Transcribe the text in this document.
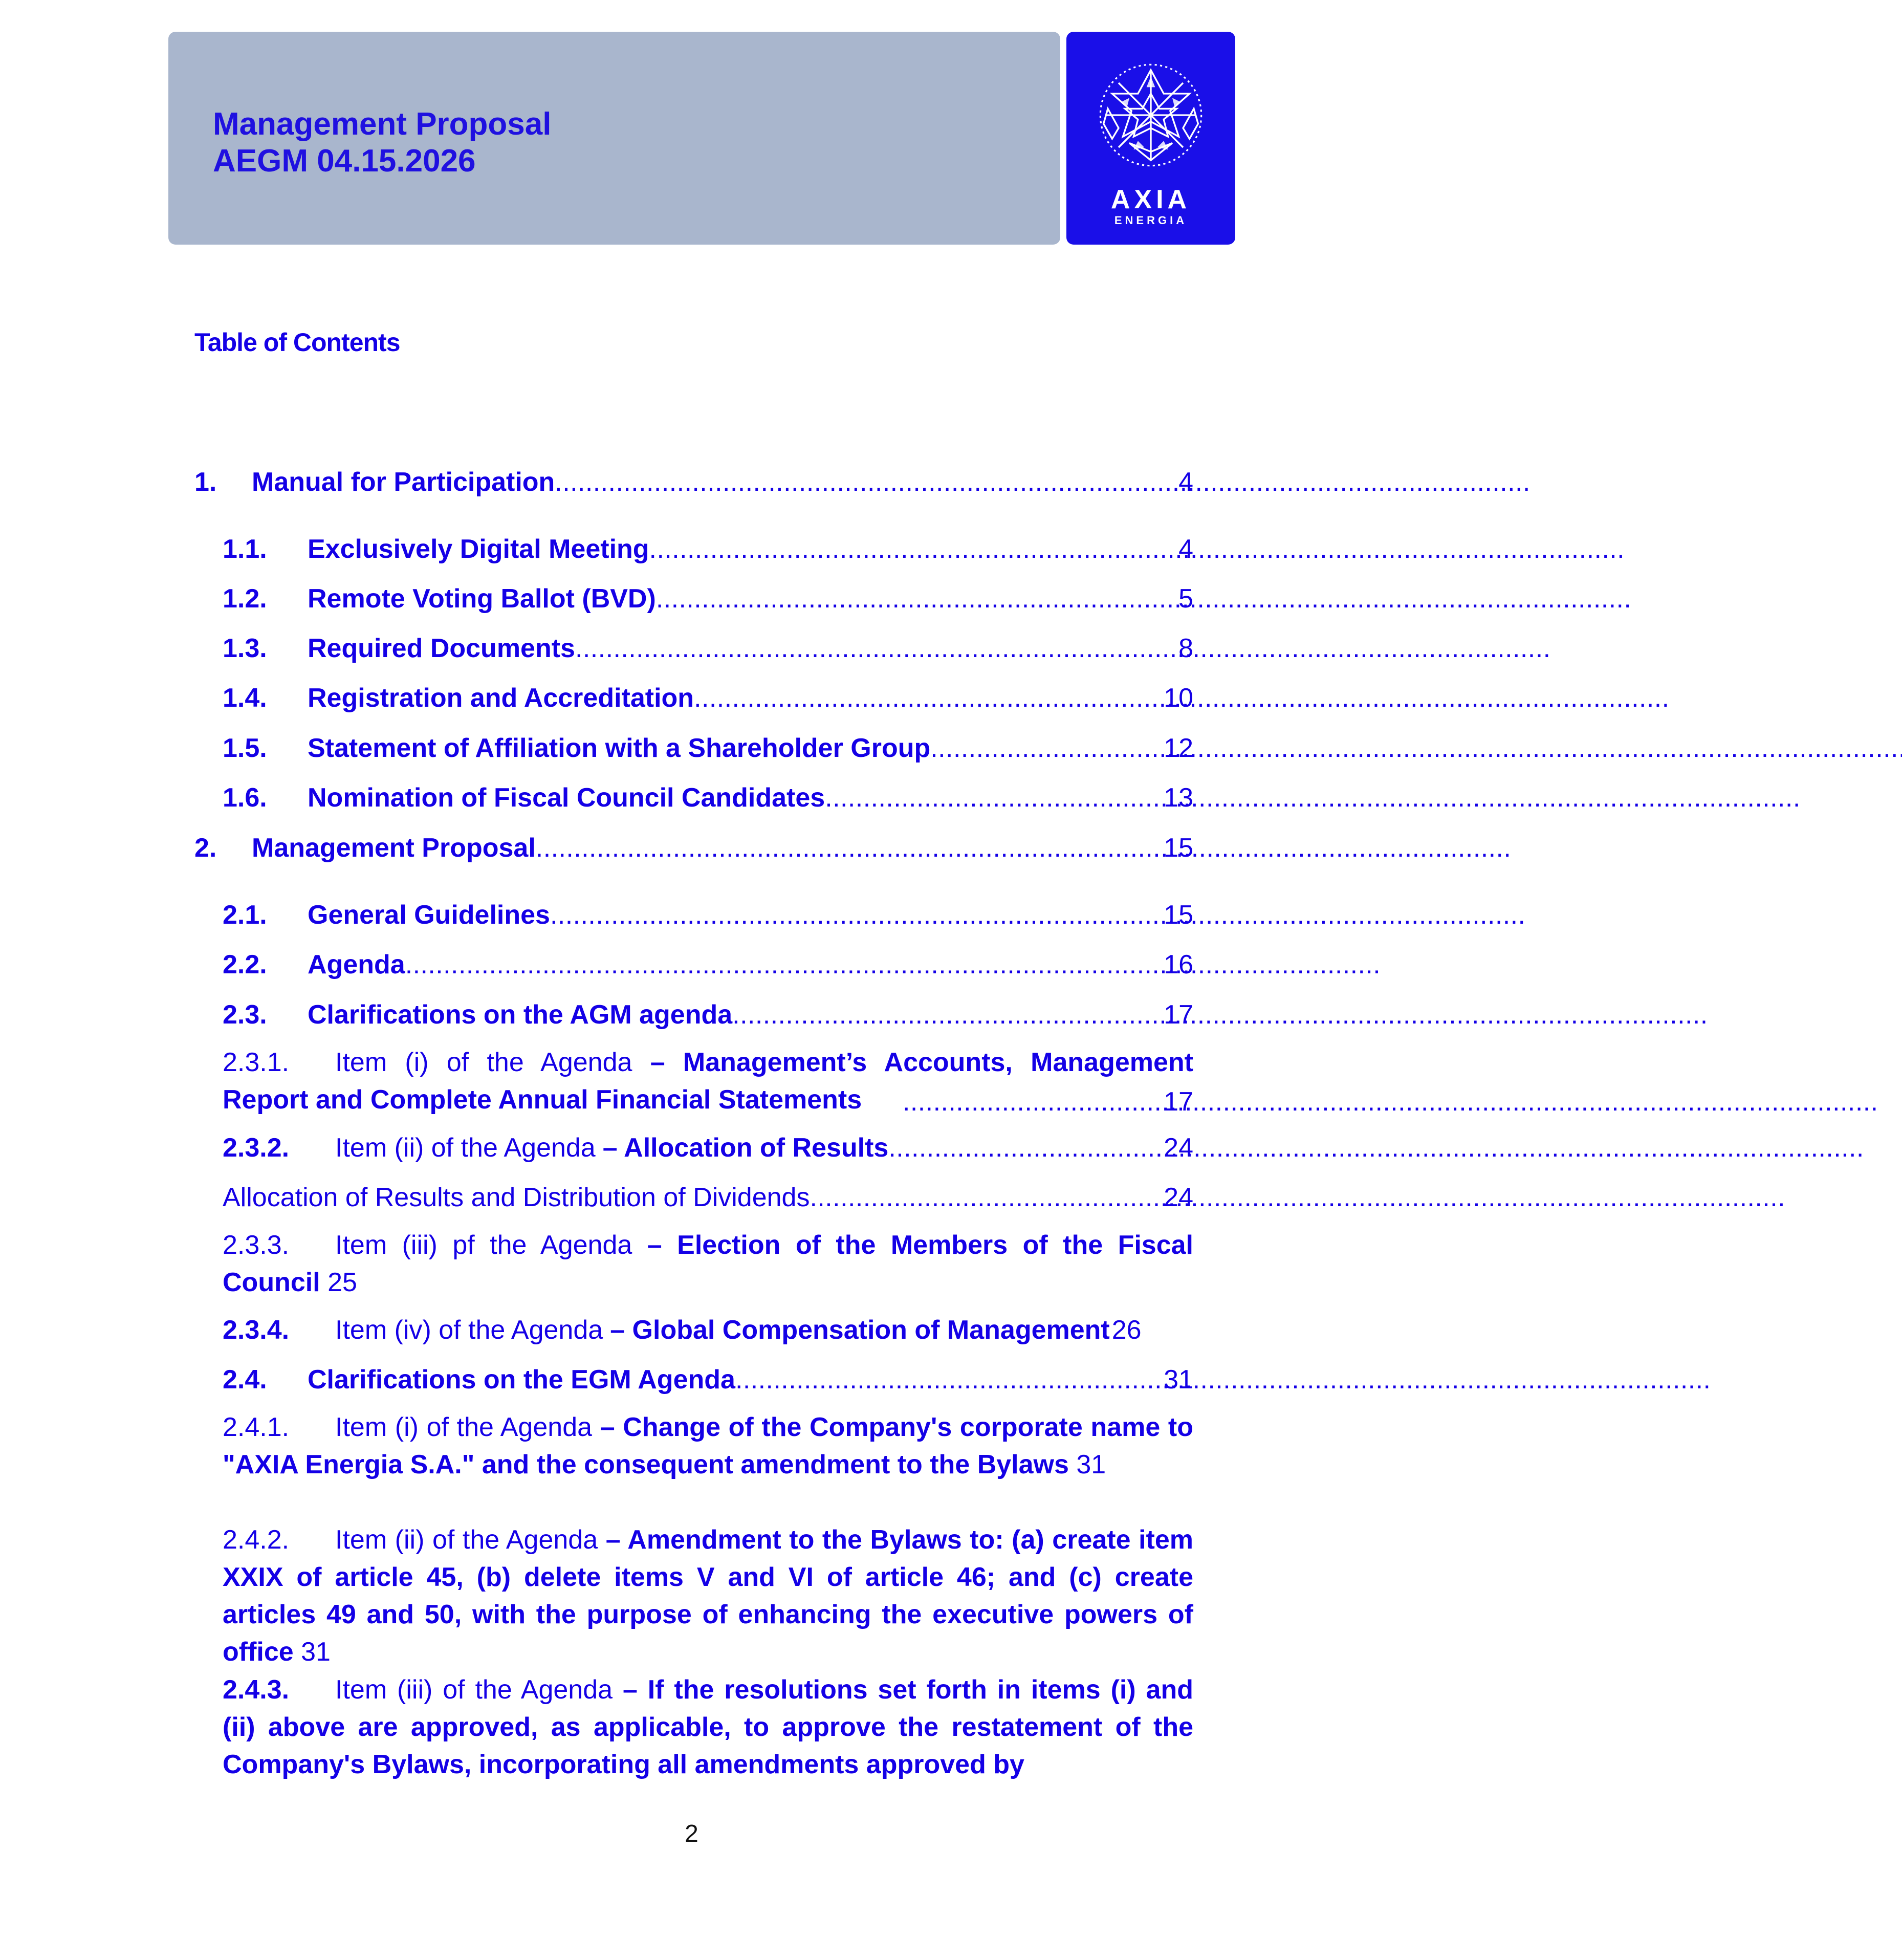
Management Proposal
AEGM 04.15.2026
AXIA
ENERGIA
Table of Contents
1.	Manual for Participation . . .	4
1.1.	Exclusively Digital Meeting . . .	4
1.2.	Remote Voting Ballot (BVD) . . .	5
1.3.	Required Documents . . .	8
1.4.	Registration and Accreditation . . .	10
1.5.	Statement of Affiliation with a Shareholder Group . . .	12
1.6.	Nomination of Fiscal Council Candidates . . .	13
2.	Management Proposal . . .	15
2.1.	General Guidelines . . .	15
2.2.	Agenda . . .	16
2.3.	Clarifications on the AGM agenda . . .	17
2.3.1. Item (i) of the Agenda – Management’s Accounts, Management Report and Complete Annual Financial Statements . . .	17
2.3.2.	Item (ii) of the Agenda – Allocation of Results . . .	24
Allocation of Results and Distribution of Dividends . . .	24
2.3.3. Item (iii) pf the Agenda – Election of the Members of the Fiscal Council 25
2.3.4.	Item (iv) of the Agenda – Global Compensation of Management 26
2.4.	Clarifications on the EGM Agenda . . .	31
2.4.1. Item (i) of the Agenda – Change of the Company's corporate name to "AXIA Energia S.A." and the consequent amendment to the Bylaws 31
2.4.2. Item (ii) of the Agenda – Amendment to the Bylaws to: (a) create item XXIX of article 45, (b) delete items V and VI of article 46; and (c) create articles 49 and 50, with the purpose of enhancing the executive powers of office 31
2.4.3. Item (iii) of the Agenda – If the resolutions set forth in items (i) and (ii) above are approved, as applicable, to approve the restatement of the Company's Bylaws, incorporating all amendments approved by
2
